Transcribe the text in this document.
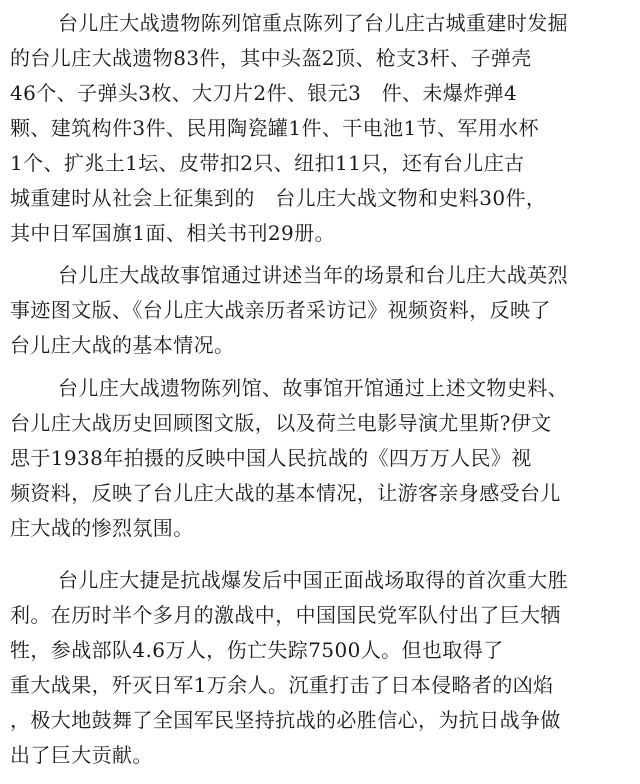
台儿庄大战遗物陈列馆重点陈列了台儿庄古城重建时发掘
的台儿庄大战遗物83件，其中头盔2顶、枪支3杆、子弹壳
46个、子弹头3枚、大刀片2件、银元3　件、未爆炸弹4
颗、建筑构件3件、民用陶瓷罐1件、干电池1节、军用水杯
1个、扩兆土1坛、皮带扣2只、纽扣11只，还有台儿庄古
城重建时从社会上征集到的　台儿庄大战文物和史料30件，
其中日军国旗1面、相关书刊29册。
台儿庄大战故事馆通过讲述当年的场景和台儿庄大战英烈
事迹图文版、《台儿庄大战亲历者采访记》视频资料，反映了
台儿庄大战的基本情况。
台儿庄大战遗物陈列馆、故事馆开馆通过上述文物史料、
台儿庄大战历史回顾图文版，以及荷兰电影导演尤里斯?伊文
思于1938年拍摄的反映中国人民抗战的《四万万人民》视
频资料，反映了台儿庄大战的基本情况，让游客亲身感受台儿
庄大战的惨烈氛围。
台儿庄大捷是抗战爆发后中国正面战场取得的首次重大胜
利。在历时半个多月的激战中，中国国民党军队付出了巨大牺
牲，参战部队4.6万人，伤亡失踪7500人。但也取得了
重大战果，歼灭日军1万余人。沉重打击了日本侵略者的凶焰
，极大地鼓舞了全国军民坚持抗战的必胜信心，为抗日战争做
出了巨大贡献。
